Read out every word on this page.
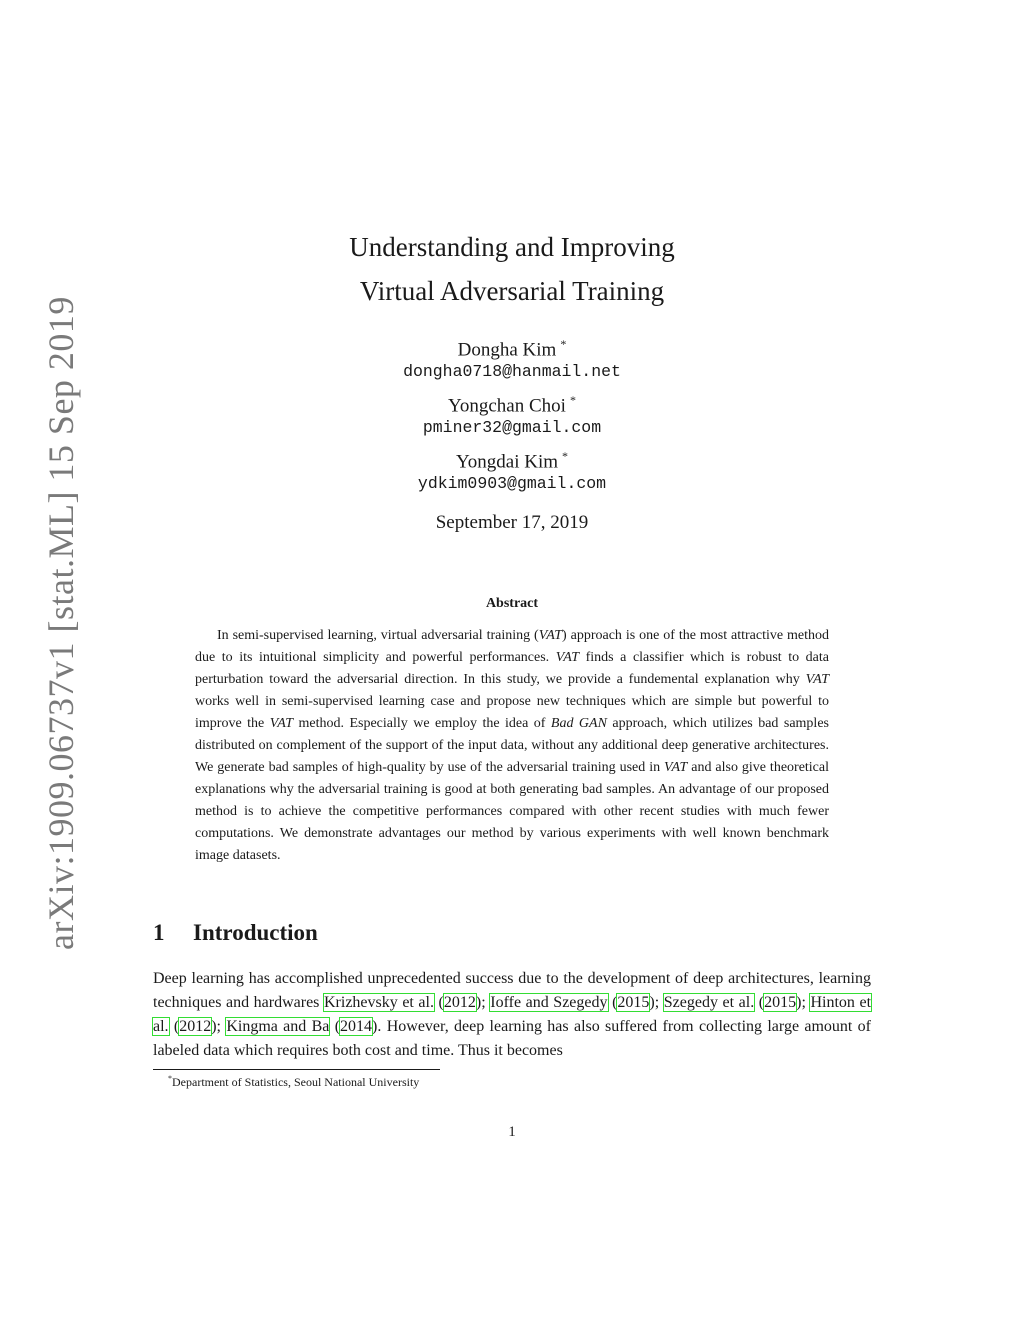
arXiv:1909.06737v1 [stat.ML] 15 Sep 2019
Understanding and Improving
Virtual Adversarial Training
Dongha Kim *
dongha0718@hanmail.net
Yongchan Choi *
pminer32@gmail.com
Yongdai Kim *
ydkim0903@gmail.com
September 17, 2019
Abstract

In semi-supervised learning, virtual adversarial training (VAT) approach is one of the most attractive method due to its intuitional simplicity and powerful performances. VAT finds a classifier which is robust to data perturbation toward the adversarial direction. In this study, we provide a fundemental explanation why VAT works well in semi-supervised learning case and propose new techniques which are simple but powerful to improve the VAT method. Especially we employ the idea of Bad GAN approach, which utilizes bad samples distributed on complement of the support of the input data, without any additional deep generative architectures. We generate bad samples of high-quality by use of the adversarial training used in VAT and also give theoretical explanations why the adversarial training is good at both generating bad samples. An advantage of our proposed method is to achieve the competitive performances compared with other recent studies with much fewer computations. We demonstrate advantages our method by various experiments with well known benchmark image datasets.

1 Introduction

Deep learning has accomplished unprecedented success due to the development of deep architectures, learning techniques and hardwares Krizhevsky et al. (2012); Ioffe and Szegedy (2015); Szegedy et al. (2015); Hinton et al. (2012); Kingma and Ba (2014). However, deep learning has also suffered from collecting large amount of labeled data which requires both cost and time. Thus it becomes

*Department of Statistics, Seoul National University
1
